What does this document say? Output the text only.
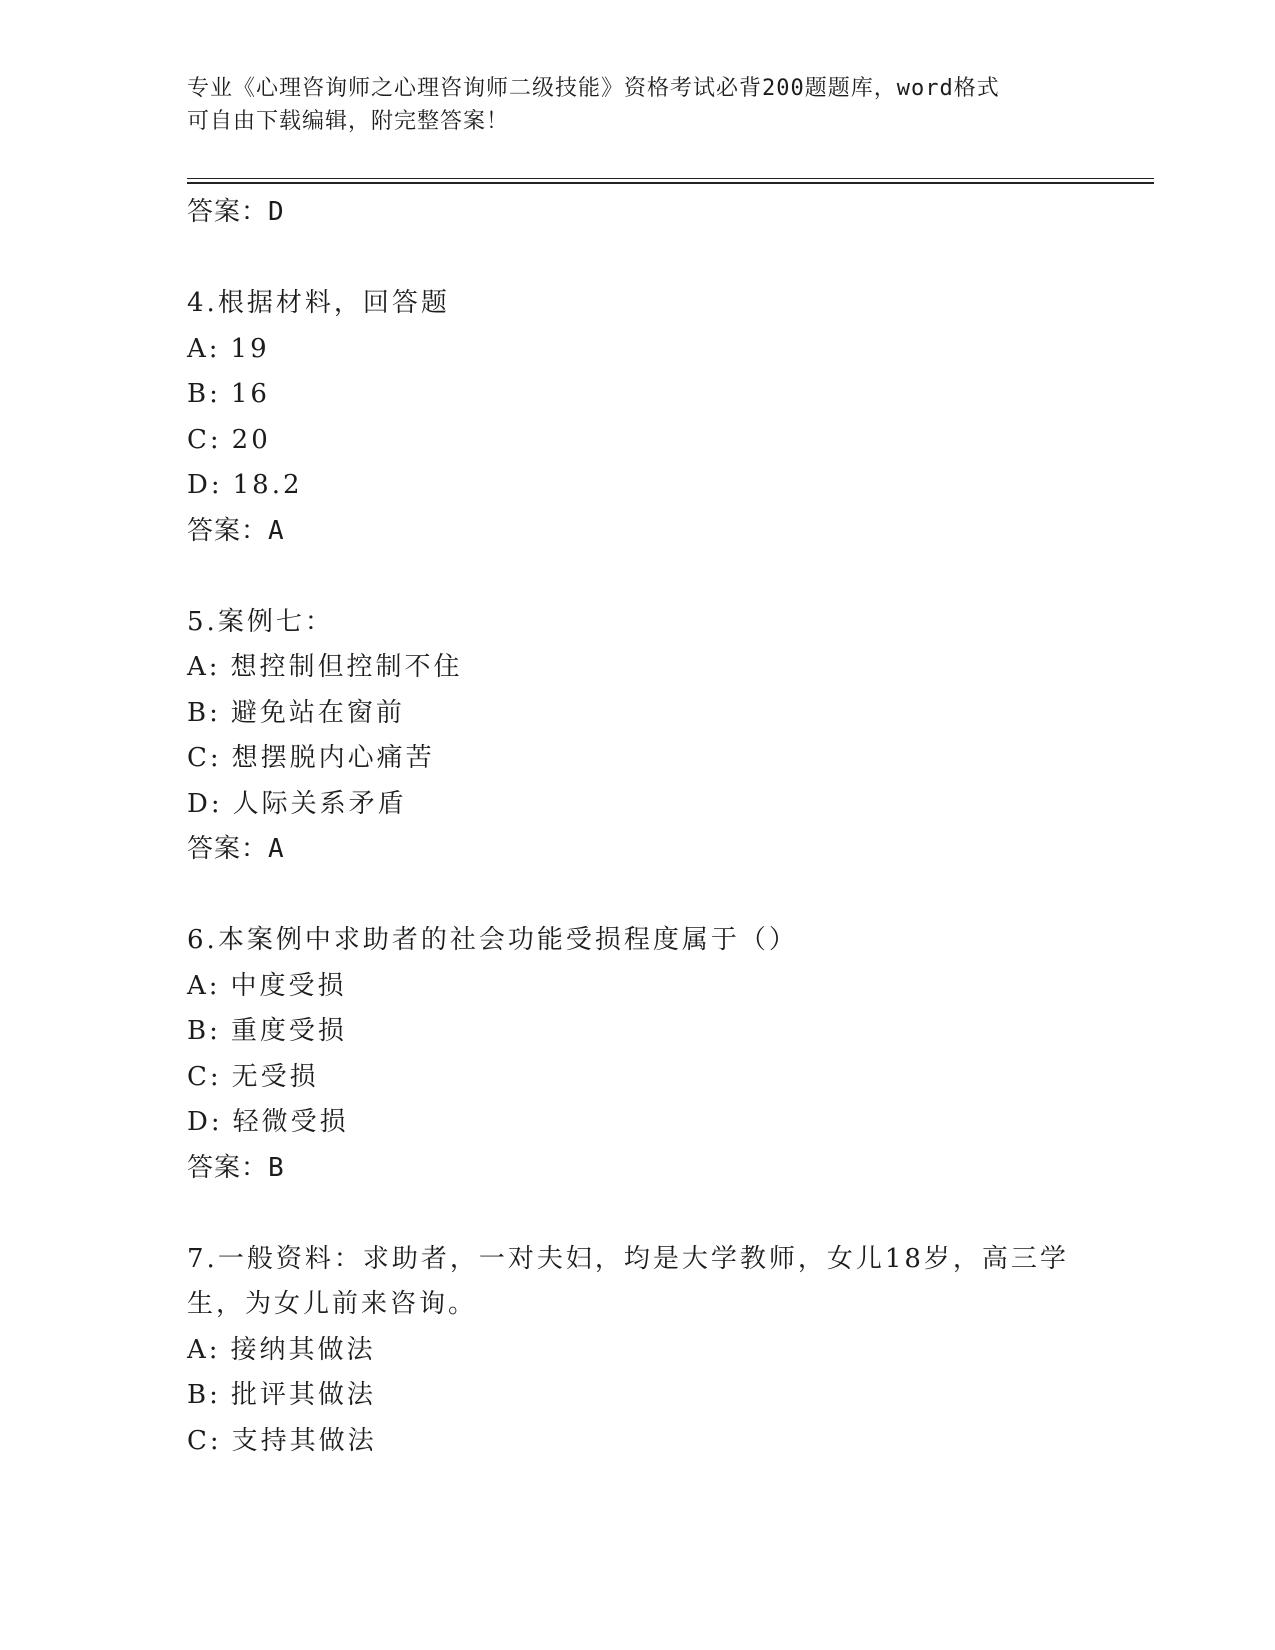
专业《心理咨询师之心理咨询师二级技能》资格考试必背200题题库，word格式
可自由下载编辑，附完整答案！
答案：D
4.根据材料，回答题
A: 19
B: 16
C: 20
D: 18.2
答案：A
5.案例七：
A: 想控制但控制不住
B: 避免站在窗前
C: 想摆脱内心痛苦
D: 人际关系矛盾
答案：A
6.本案例中求助者的社会功能受损程度属于（）
A: 中度受损
B: 重度受损
C: 无受损
D: 轻微受损
答案：B
7.一般资料：求助者，一对夫妇，均是大学教师，女儿18岁，高三学
生，为女儿前来咨询。
A: 接纳其做法
B: 批评其做法
C: 支持其做法
